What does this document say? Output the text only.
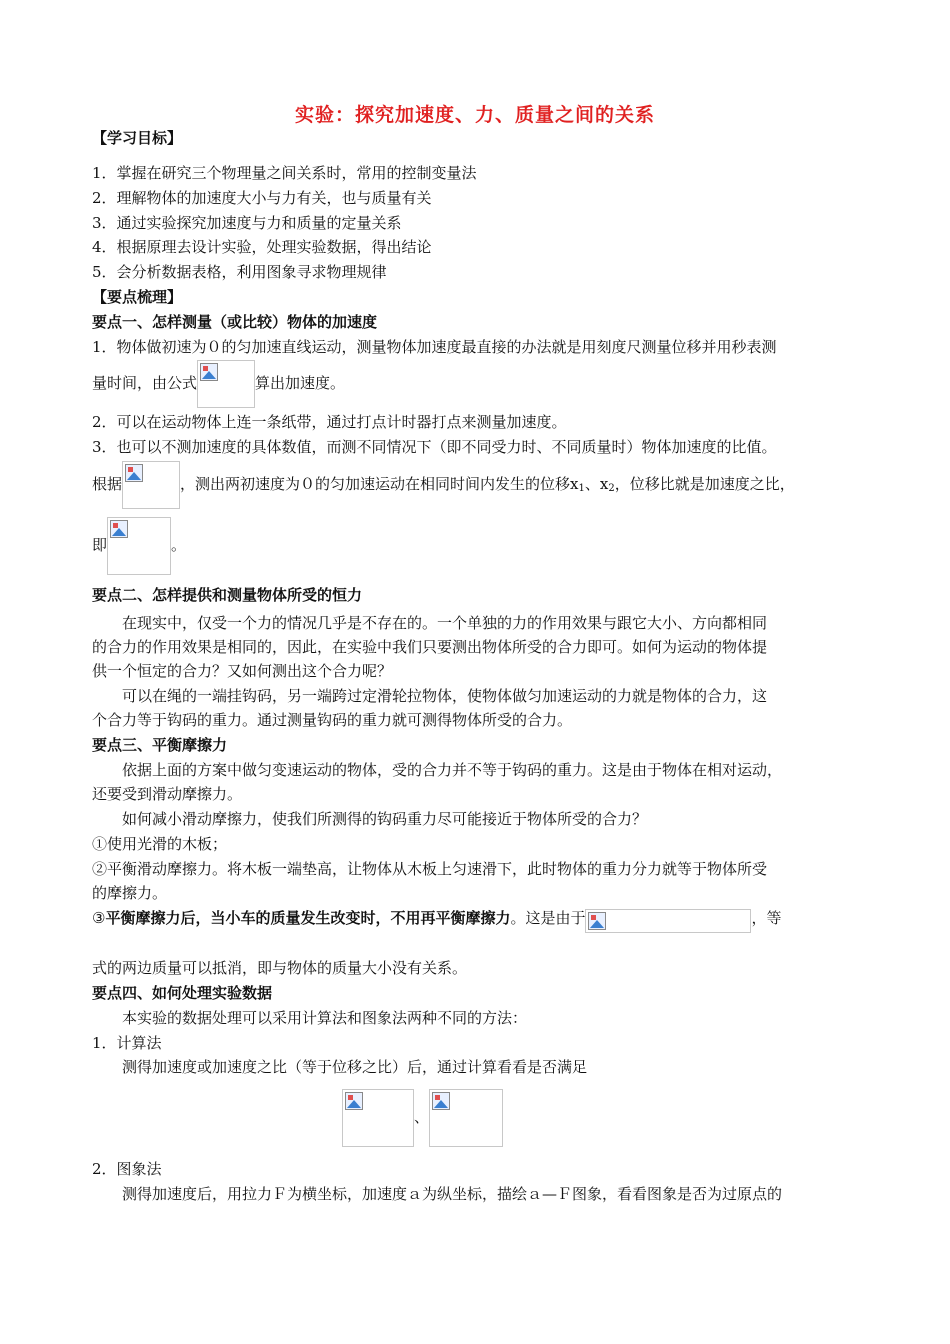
实验：探究加速度、力、质量之间的关系
【学习目标】
1．掌握在研究三个物理量之间关系时，常用的控制变量法
2．理解物体的加速度大小与力有关，也与质量有关
3．通过实验探究加速度与力和质量的定量关系
4．根据原理去设计实验，处理实验数据，得出结论
5．会分析数据表格，利用图象寻求物理规律
【要点梳理】
要点一、怎样测量（或比较）物体的加速度
1．物体做初速为０的匀加速直线运动，测量物体加速度最直接的办法就是用刻度尺测量位移并用秒表测
量时间，由公式	算出加速度。
2．可以在运动物体上连一条纸带，通过打点计时器打点来测量加速度。
3．也可以不测加速度的具体数值，而测不同情况下（即不同受力时、不同质量时）物体加速度的比值。
根据	，测出两初速度为０的匀加速运动在相同时间内发生的位移$x_1$、$x_2$，位移比就是加速度之比，
即	。
要点二、怎样提供和测量物体所受的恒力
在现实中，仅受一个力的情况几乎是不存在的。一个单独的力的作用效果与跟它大小、方向都相同
的合力的作用效果是相同的，因此，在实验中我们只要测出物体所受的合力即可。如何为运动的物体提
供一个恒定的合力？又如何测出这个合力呢？
可以在绳的一端挂钩码，另一端跨过定滑轮拉物体，使物体做匀加速运动的力就是物体的合力，这
个合力等于钩码的重力。通过测量钩码的重力就可测得物体所受的合力。
要点三、平衡摩擦力
依据上面的方案中做匀变速运动的物体，受的合力并不等于钩码的重力。这是由于物体在相对运动，
还要受到滑动摩擦力。
如何减小滑动摩擦力，使我们所测得的钩码重力尽可能接近于物体所受的合力？
①使用光滑的木板；
②平衡滑动摩擦力。将木板一端垫高，让物体从木板上匀速滑下，此时物体的重力分力就等于物体所受
的摩擦力。
③平衡摩擦力后，当小车的质量发生改变时，不用再平衡摩擦力。这是由于	，等
式的两边质量可以抵消，即与物体的质量大小没有关系。
要点四、如何处理实验数据
本实验的数据处理可以采用计算法和图象法两种不同的方法：
1．计算法
测得加速度或加速度之比（等于位移之比）后，通过计算看看是否满足
、
2．图象法
测得加速度后，用拉力Ｆ为横坐标，加速度ａ为纵坐标，描绘ａ—Ｆ图象，看看图象是否为过原点的
